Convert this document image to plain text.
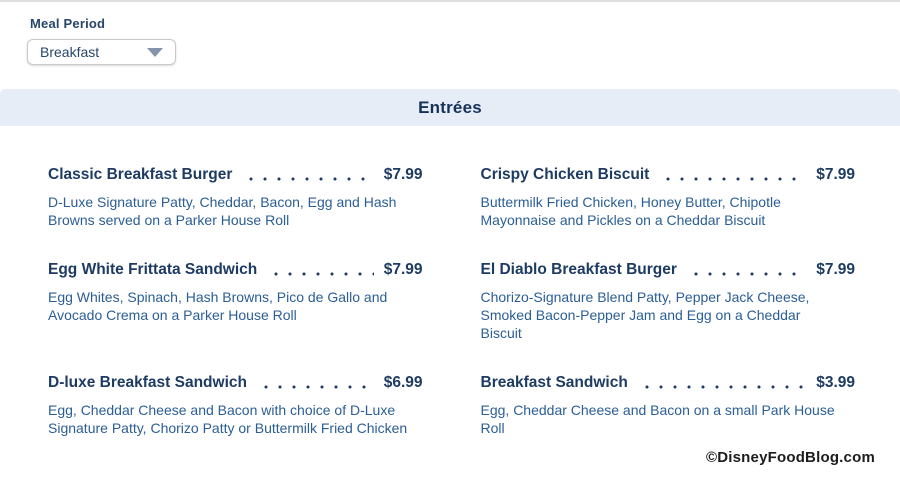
Meal Period
Breakfast
Entrées
Classic Breakfast Burger	$7.99
D-Luxe Signature Patty, Cheddar, Bacon, Egg and Hash Browns served on a Parker House Roll
Crispy Chicken Biscuit	$7.99
Buttermilk Fried Chicken, Honey Butter, Chipotle Mayonnaise and Pickles on a Cheddar Biscuit
Egg White Frittata Sandwich	$7.99
Egg Whites, Spinach, Hash Browns, Pico de Gallo and Avocado Crema on a Parker House Roll
El Diablo Breakfast Burger	$7.99
Chorizo-Signature Blend Patty, Pepper Jack Cheese, Smoked Bacon-Pepper Jam and Egg on a Cheddar Biscuit
D-luxe Breakfast Sandwich	$6.99
Egg, Cheddar Cheese and Bacon with choice of D-Luxe Signature Patty, Chorizo Patty or Buttermilk Fried Chicken
Breakfast Sandwich	$3.99
Egg, Cheddar Cheese and Bacon on a small Park House Roll
©DisneyFoodBlog.com
